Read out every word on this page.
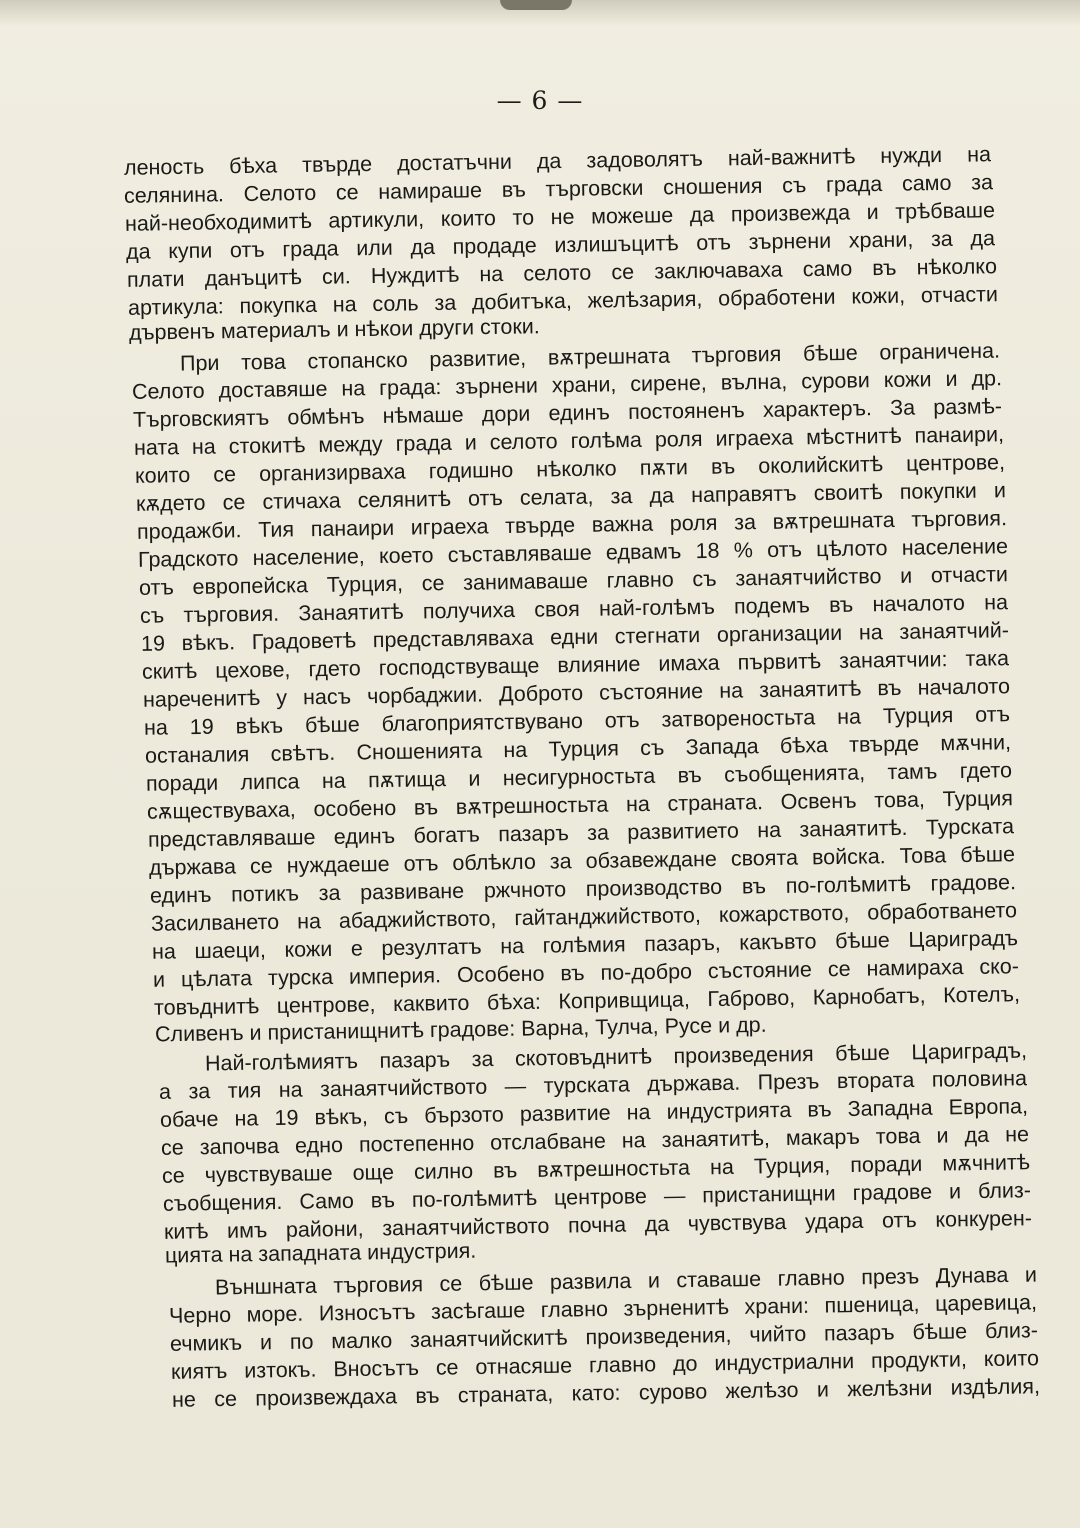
— 6 —
леность бѣха твърде достатъчни да задоволятъ най-важнитѣ нужди на
селянина. Селото се намираше въ търговски сношения съ града само за
най-необходимитѣ артикули, които то не можеше да произвежда и трѣбваше
да купи отъ града или да продаде излишъцитѣ отъ зърнени храни, за да
плати данъцитѣ си. Нуждитѣ на селото се заключаваха само въ нѣколко
артикула: покупка на соль за добитъка, желѣзария, обработени кожи, отчасти
дървенъ материалъ и нѣкои други стоки.
При това стопанско развитие, вѫтрешната търговия бѣше ограничена.
Селото доставяше на града: зърнени храни, сирене, вълна, сурови кожи и др.
Търговскиятъ обмѣнъ нѣмаше дори единъ постояненъ характеръ. За размѣ-
ната на стокитѣ между града и селото голѣма роля играеха мѣстнитѣ панаири,
които се организирваха годишно нѣколко пѫти въ околийскитѣ центрове,
кѫдето се стичаха селянитѣ отъ селата, за да направятъ своитѣ покупки и
продажби. Тия панаири играеха твърде важна роля за вѫтрешната търговия.
Градското население, което съставляваше едвамъ 18 % отъ цѣлото население
отъ европейска Турция, се занимаваше главно съ занаятчийство и отчасти
съ търговия. Занаятитѣ получиха своя най-голѣмъ подемъ въ началото на
19 вѣкъ. Градоветѣ представляваха едни стегнати организации на занаятчий-
скитѣ цехове, гдето господствуваще влияние имаха първитѣ занаятчии: така
нареченитѣ у насъ чорбаджии. Доброто състояние на занаятитѣ въ началото
на 19 вѣкъ бѣше благоприятствувано отъ затвореностьта на Турция отъ
останалия свѣтъ. Сношенията на Турция съ Запада бѣха твърде мѫчни,
поради липса на пѫтища и несигурностьта въ съобщенията, тамъ гдето
сѫществуваха, особено въ вѫтрешностьта на страната. Освенъ това, Турция
представляваше единъ богатъ пазаръ за развитието на занаятитѣ. Турската
държава се нуждаеше отъ облѣкло за обзавеждане своята войска. Това бѣше
единъ потикъ за развиване ржчното производство въ по-голѣмитѣ градове.
Засилването на абаджийството, гайтанджийството, кожарството, обработването
на шаеци, кожи е резултатъ на голѣмия пазаръ, какъвто бѣше Цариградъ
и цѣлата турска империя. Особено въ по-добро състояние се намираха ско-
товъднитѣ центрове, каквито бѣха: Копривщица, Габрово, Карнобатъ, Котелъ,
Сливенъ и пристанищнитѣ градове: Варна, Тулча, Русе и др.
Най-голѣмиятъ пазаръ за скотовъднитѣ произведения бѣше Цариградъ,
а за тия на занаятчийството — турската държава. Презъ втората половина
обаче на 19 вѣкъ, съ бързото развитие на индустрията въ Западна Европа,
се започва едно постепенно отслабване на занаятитѣ, макаръ това и да не
се чувствуваше още силно въ вѫтрешностьта на Турция, поради мѫчнитѣ
съобщения. Само въ по-голѣмитѣ центрове — пристанищни градове и близ-
китѣ имъ райони, занаятчийството почна да чувствува удара отъ конкурен-
цията на западната индустрия.
Външната търговия се бѣше развила и ставаше главно презъ Дунава и
Черно море. Износътъ засѣгаше главно зърненитѣ храни: пшеница, царевица,
ечмикъ и по малко занаятчийскитѣ произведения, чийто пазаръ бѣше близ-
киятъ изтокъ. Вносътъ се отнасяше главно до индустриални продукти, които
не се произвеждаха въ страната, като: сурово желѣзо и желѣзни издѣлия,
